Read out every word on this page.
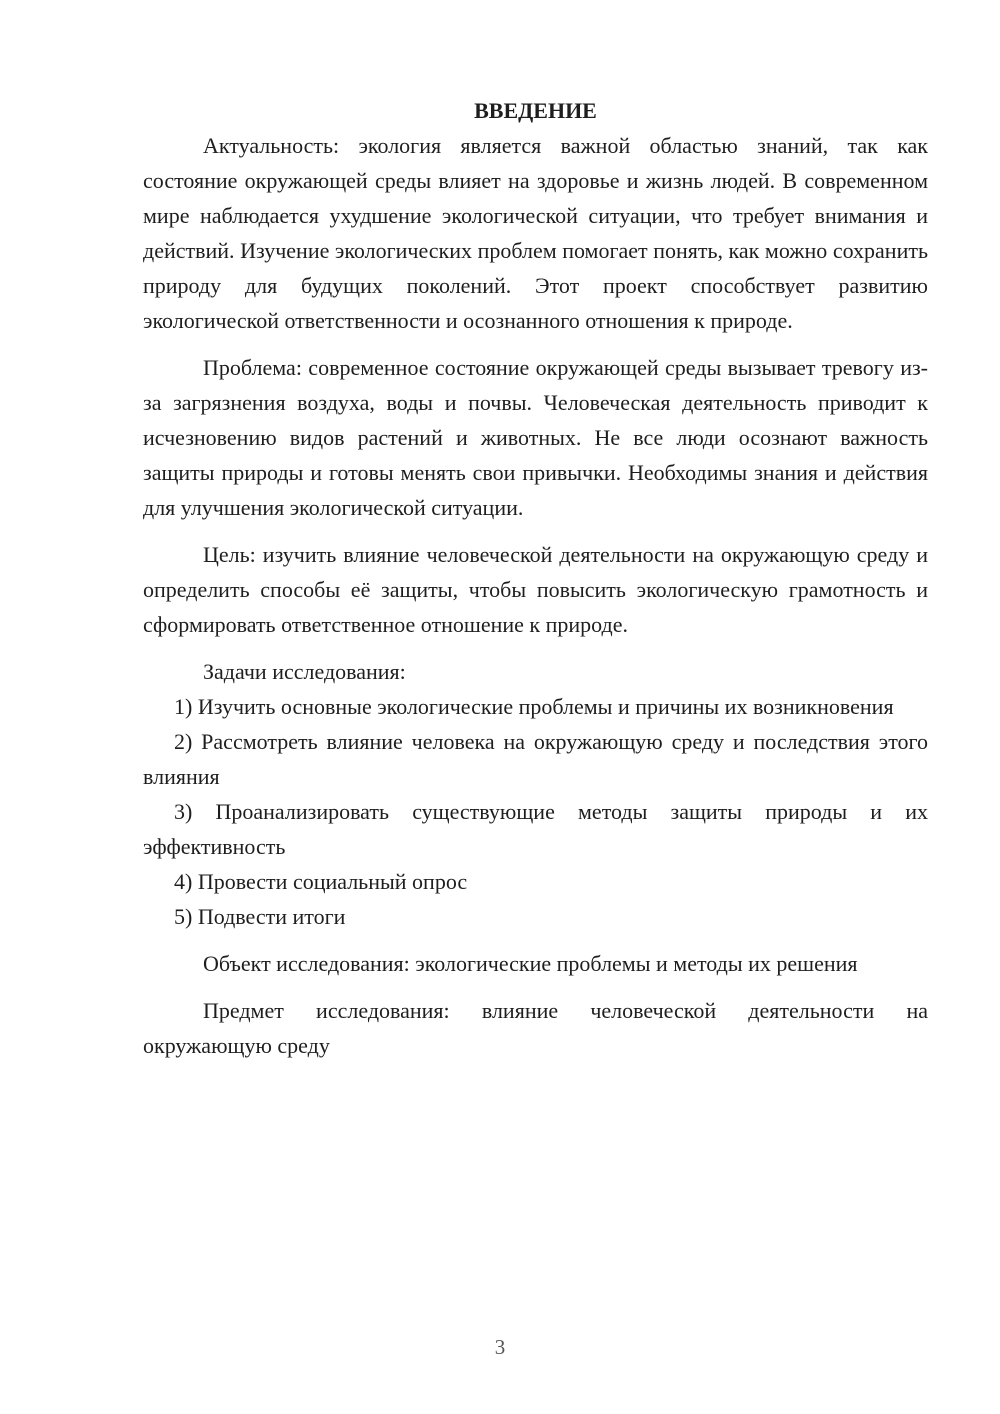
ВВЕДЕНИЕ

Актуальность: экология является важной областью знаний, так как состояние окружающей среды влияет на здоровье и жизнь людей. В современном мире наблюдается ухудшение экологической ситуации, что требует внимания и действий. Изучение экологических проблем помогает понять, как можно сохранить природу для будущих поколений. Этот проект способствует развитию экологической ответственности и осознанного отношения к природе.

Проблема: современное состояние окружающей среды вызывает тревогу из-за загрязнения воздуха, воды и почвы. Человеческая деятельность приводит к исчезновению видов растений и животных. Не все люди осознают важность защиты природы и готовы менять свои привычки. Необходимы знания и действия для улучшения экологической ситуации.

Цель: изучить влияние человеческой деятельности на окружающую среду и определить способы её защиты, чтобы повысить экологическую грамотность и сформировать ответственное отношение к природе.

Задачи исследования:

1) Изучить основные экологические проблемы и причины их возникновения

2) Рассмотреть влияние человека на окружающую среду и последствия этого влияния

3) Проанализировать существующие методы защиты природы и их эффективность

4) Провести социальный опрос

5) Подвести итоги

Объект исследования: экологические проблемы и методы их решения

Предмет исследования: влияние человеческой деятельности на окружающую среду

3
